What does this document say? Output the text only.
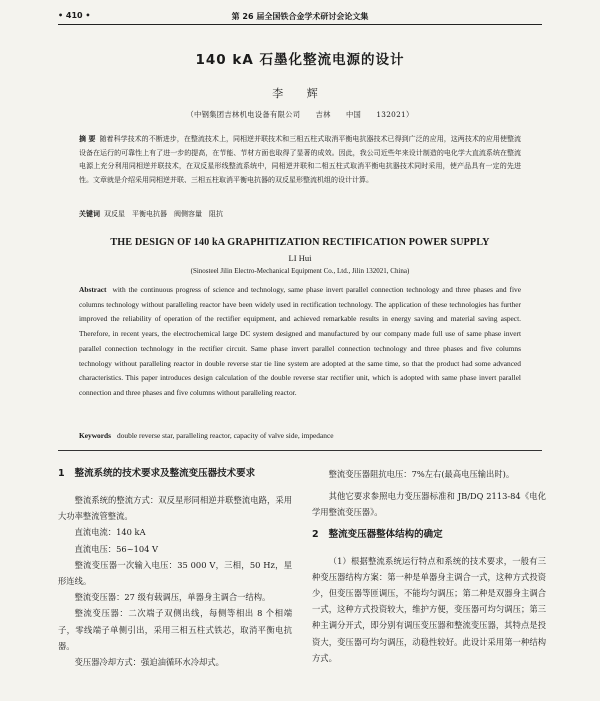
• 410 •	第 26 届全国铁合金学术研讨会论文集
140 kA 石墨化整流电源的设计
李 辉
（中钢集团吉林机电设备有限公司　　吉林　　中国　　132021）
摘 要 随着科学技术的不断进步，在整流技术上，同相逆并联技术和三相五柱式取消平衡电抗器技术已得到广泛的应用，这两技术的应用使整流设备在运行的可靠性上有了进一步的提高，在节能、节材方面也取得了显著的成效。因此，我公司近些年来设计制造的电化学大直流系统在整流电源上充分利用同相逆并联技术，在双反星形线整流系统中，同相逆并联和二相五柱式取消平衡电抗器技术同时采用，使产品具有一定的先进性。文章就是介绍采用同相逆并联、三相五柱取消平衡电抗器的双反星形整流机组的设计计算。
关键词 双反星　平衡电抗器　阀侧容量　阻抗
THE DESIGN OF 140 kA GRAPHITIZATION RECTIFICATION POWER SUPPLY
LI Hui
(Sinosteel Jilin Electro-Mechanical Equipment Co., Ltd., Jilin 132021, China)
Abstract with the continuous progress of science and technology, same phase invert parallel connection technology and three phases and five columns technology without paralleling reactor have been widely used in rectification technology. The application of these technologies has further improved the reliability of operation of the rectifier equipment, and achieved remarkable results in energy saving and material saving aspect. Therefore, in recent years, the electrochemical large DC system designed and manufactured by our company made full use of same phase invert parallel connection technology in the rectifier circuit. Same phase invert parallel connection technology and three phases and five columns technology without paralleling reactor in double reverse star tie line system are adopted at the same time, so that the product had some advanced characteristics. This paper introduces design calculation of the double reverse star rectifier unit, which is adopted with same phase invert parallel connection and three phases and five columns without paralleling reactor.
Keywords double reverse star, paralleling reactor, capacity of valve side, impedance
1 整流系统的技术要求及整流变压器技术要求

整流系统的整流方式：双反星形同相逆并联整流电路，采用大功率整流管整流。

直流电流：140 kA

直流电压：56~104 V

整流变压器一次输入电压：35 000 V，三相，50 Hz，星形连线。

整流变压器：27 级有载调压，单器身主调合一结构。

整流变压器：二次端子双侧出线，每侧等相出 8 个相端子，零线端子单侧引出，采用三相五柱式铁芯，取消平衡电抗器。

变压器冷却方式：强迫油循环水冷却式。

整流变压器阻抗电压：7%左右(最高电压输出时)。

其他它要求参照电力变压器标准和 JB/DQ 2113-84《电化学用整流变压器》。

2 整流变压器整体结构的确定

（1）根据整流系统运行特点和系统的技术要求，一般有三种变压器结构方案：第一种是单器身主调合一式，这种方式投资少，但变压器等匝调压，不能均匀调压；第二种是双器身主调合一式，这种方式投资较大，维护方便，变压器可均匀调压；第三种主调分开式，即分别有调压变压器和整流变压器，其特点是投资大，变压器可均匀调压，动稳性较好。此设计采用第一种结构方式。
